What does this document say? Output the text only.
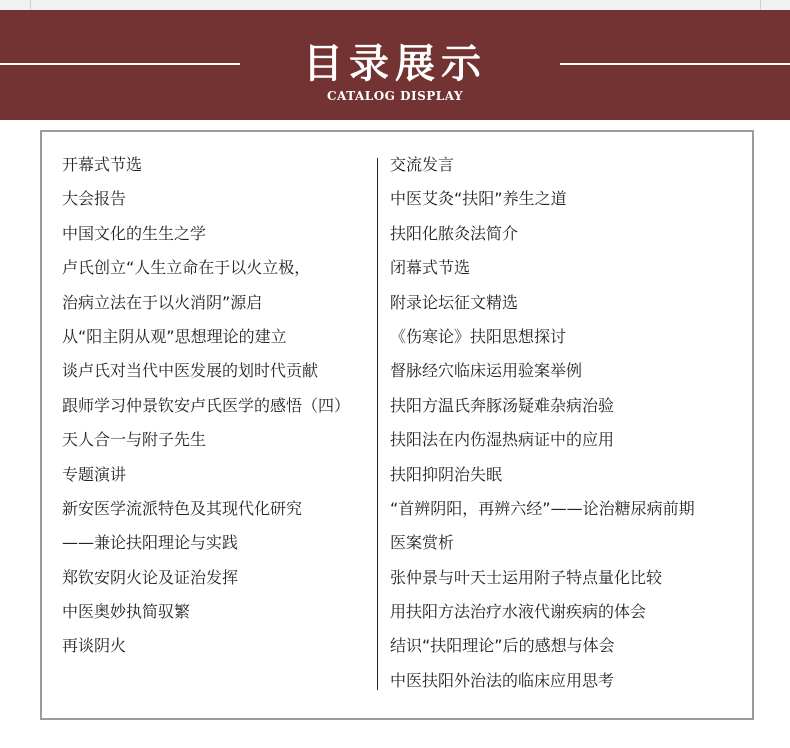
目录展示
CATALOG DISPLAY
开幕式节选
大会报告
中国文化的生生之学
卢氏创立“人生立命在于以火立极，
治病立法在于以火消阴”源启
从“阳主阴从观”思想理论的建立
谈卢氏对当代中医发展的划时代贡献
跟师学习仲景钦安卢氏医学的感悟（四）
天人合一与附子先生
专题演讲
新安医学流派特色及其现代化研究
——兼论扶阳理论与实践
郑钦安阴火论及证治发挥
中医奥妙执简驭繁
再谈阴火
交流发言
中医艾灸“扶阳”养生之道
扶阳化脓灸法简介
闭幕式节选
附录论坛征文精选
《伤寒论》扶阳思想探讨
督脉经穴临床运用验案举例
扶阳方温氏奔豚汤疑难杂病治验
扶阳法在内伤湿热病证中的应用
扶阳抑阴治失眠
“首辨阴阳，再辨六经”——论治糖尿病前期
医案赏析
张仲景与叶天士运用附子特点量化比较
用扶阳方法治疗水液代谢疾病的体会
结识“扶阳理论”后的感想与体会
中医扶阳外治法的临床应用思考
